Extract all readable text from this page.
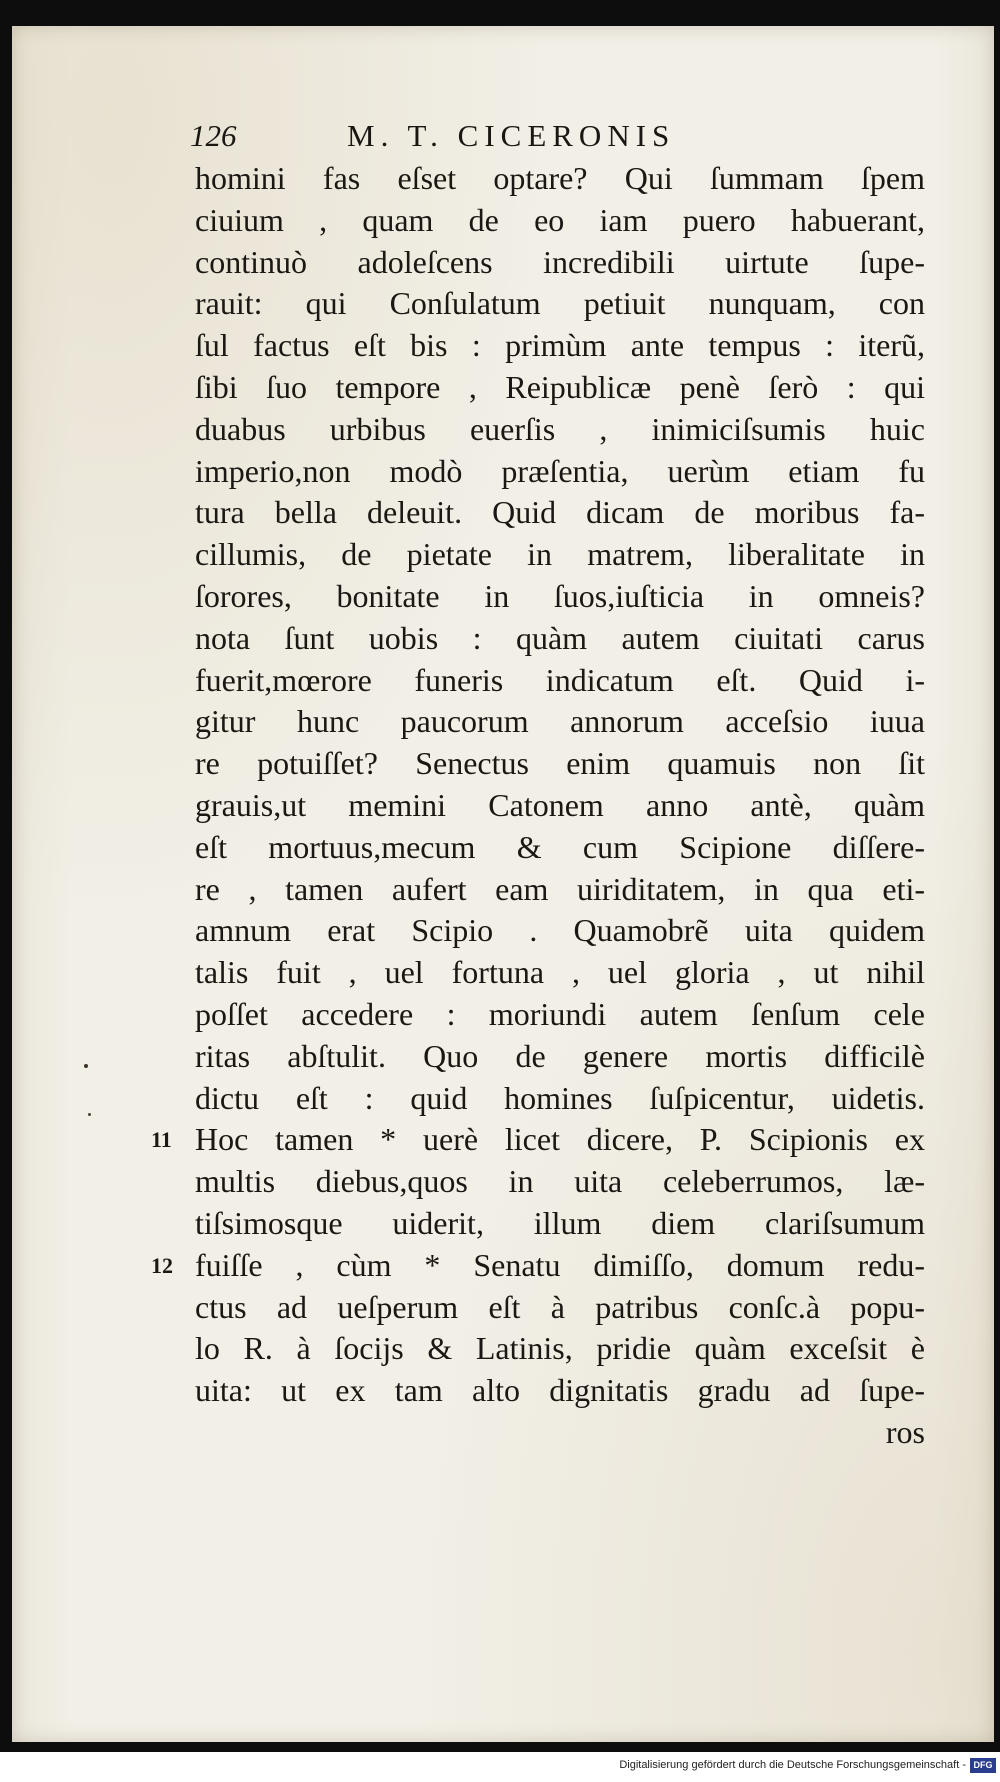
126	M. T. CICERONIS
homini fas eſset optare? Qui ſummam ſpem
ciuium , quam de eo iam puero habuerant,
continuò adoleſcens incredibili uirtute ſupe-
rauit: qui Conſulatum petiuit nunquam, con
ſul factus eſt bis : primùm ante tempus : iterũ,
ſibi ſuo tempore , Reipublicæ penè ſerò : qui
duabus urbibus euerſis , inimiciſsumis huic
imperio,non modò præſentia, uerùm etiam fu
tura bella deleuit. Quid dicam de moribus fa-
cillumis, de pietate in matrem, liberalitate in
ſorores, bonitate in ſuos,iuſticia in omneis?
nota ſunt uobis : quàm autem ciuitati carus
fuerit,mœrore funeris indicatum eſt. Quid i-
gitur hunc paucorum annorum acceſsio iuua
re potuiſſet? Senectus enim quamuis non ſit
grauis,ut memini Catonem anno antè, quàm
eſt mortuus,mecum & cum Scipione diſſere-
re , tamen aufert eam uiriditatem, in qua eti-
amnum erat Scipio . Quamobrẽ uita quidem
talis fuit , uel fortuna , uel gloria , ut nihil
poſſet accedere : moriundi autem ſenſum cele
ritas abſtulit. Quo de genere mortis difficilè
dictu eſt : quid homines ſuſpicentur, uidetis.
Hoc tamen * uerè licet dicere, P. Scipionis ex
11
multis diebus,quos in uita celeberrumos, læ-
tiſsimosque uiderit, illum diem clariſsumum
fuiſſe , cùm * Senatu dimiſſo, domum redu-
12
ctus ad ueſperum eſt à patribus conſc.à popu-
lo R. à ſocijs & Latinis, pridie quàm exceſsit è
uita: ut ex tam alto dignitatis gradu ad ſupe-
ros
Digitalisierung gefördert durch die Deutsche Forschungsgemeinschaft - DFG
